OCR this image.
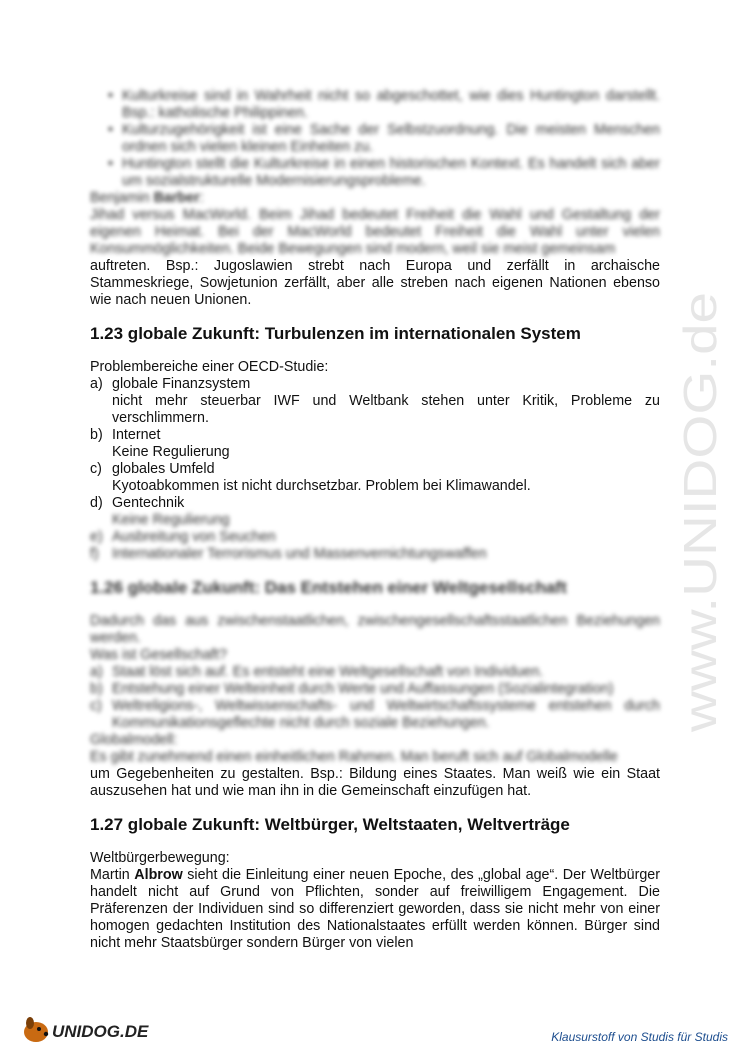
• Kulturkreise sind in Wahrheit nicht so abgeschottet, wie dies Huntington darstellt. Bsp.: katholische Philippinen.
• Kulturzugehörigkeit ist eine Sache der Selbstzuordnung. Die meisten Menschen ordnen sich vielen kleinen Einheiten zu.
• Huntington stellt die Kulturkreise in einen historischen Kontext. Es handelt sich aber um sozialstrukturelle Modernisierungsprobleme.
Benjamin Barber:
Jihad versus MacWorld. Beim Jihad bedeutet Freiheit die Wahl und Gestaltung der eigenen Heimat. Bei der MacWorld bedeutet Freiheit die Wahl unter vielen Konsummöglichkeiten. Beide Bewegungen sind modern, weil sie meist gemeinsam
auftreten. Bsp.: Jugoslawien strebt nach Europa und zerfällt in archaische Stammeskriege, Sowjetunion zerfällt, aber alle streben nach eigenen Nationen ebenso wie nach neuen Unionen.
1.23 globale Zukunft: Turbulenzen im internationalen System
Problembereiche einer OECD-Studie:
a) globale Finanzsystem
nicht mehr steuerbar IWF und Weltbank stehen unter Kritik, Probleme zu verschlimmern.
b) Internet
Keine Regulierung
c) globales Umfeld
Kyotoabkommen ist nicht durchsetzbar. Problem bei Klimawandel.
d) Gentechnik
Keine Regulierung
e) Ausbreitung von Seuchen
f) Internationaler Terrorismus und Massenvernichtungswaffen
1.26 globale Zukunft: Das Entstehen einer Weltgesellschaft
Dadurch das aus zwischenstaatlichen, zwischengesellschaftsstaatlichen Beziehungen werden.
Was ist Gesellschaft?
a) Staat löst sich auf. Es entsteht eine Weltgesellschaft von Individuen.
b) Entstehung einer Welteinheit durch Werte und Auffassungen (Sozialintegration)
c) Weltreligions-, Weltwissenschafts- und Weltwirtschaftssysteme entstehen durch Kommunikationsgeflechte nicht durch soziale Beziehungen.
Globalmodell:
Es gibt zunehmend einen einheitlichen Rahmen. Man beruft sich auf Globalmodelle
um Gegebenheiten zu gestalten. Bsp.: Bildung eines Staates. Man weiß wie ein Staat auszusehen hat und wie man ihn in die Gemeinschaft einzufügen hat.
1.27 globale Zukunft: Weltbürger, Weltstaaten, Weltverträge
Weltbürgerbewegung:
Martin Albrow sieht die Einleitung einer neuen Epoche, des „global age“. Der Weltbürger handelt nicht auf Grund von Pflichten, sonder auf freiwilligem Engagement. Die Präferenzen der Individuen sind so differenziert geworden, dass sie nicht mehr von einer homogen gedachten Institution des Nationalstaates erfüllt werden können. Bürger sind nicht mehr Staatsbürger sondern Bürger von vielen
www.UNIDOG.de
UNIDOG.DE	Klausurstoff von Studis für Studis
